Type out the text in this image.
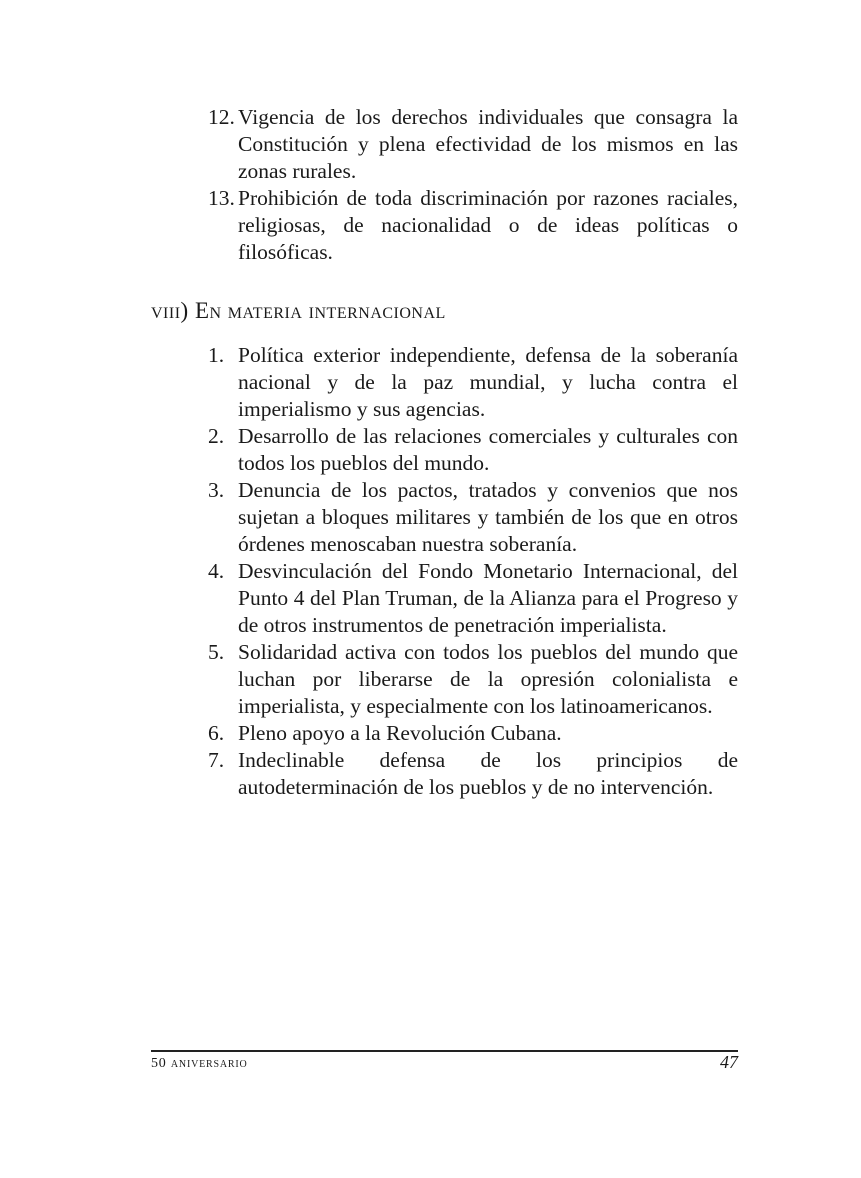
12. Vigencia de los derechos individuales que consagra la Constitución y plena efectividad de los mismos en las zonas rurales.
13. Prohibición de toda discriminación por razones raciales, religiosas, de nacionalidad o de ideas políticas o filosóficas.
viii) En materia internacional
1. Política exterior independiente, defensa de la soberanía nacional y de la paz mundial, y lucha contra el imperialismo y sus agencias.
2. Desarrollo de las relaciones comerciales y culturales con todos los pueblos del mundo.
3. Denuncia de los pactos, tratados y convenios que nos sujetan a bloques militares y también de los que en otros órdenes menoscaban nuestra soberanía.
4. Desvinculación del Fondo Monetario Internacional, del Punto 4 del Plan Truman, de la Alianza para el Progreso y de otros instrumentos de penetración imperialista.
5. Solidaridad activa con todos los pueblos del mundo que luchan por liberarse de la opresión colonialista e imperialista, y especialmente con los latinoamericanos.
6. Pleno apoyo a la Revolución Cubana.
7. Indeclinable defensa de los principios de autodeterminación de los pueblos y de no intervención.
50 aniversario	47
